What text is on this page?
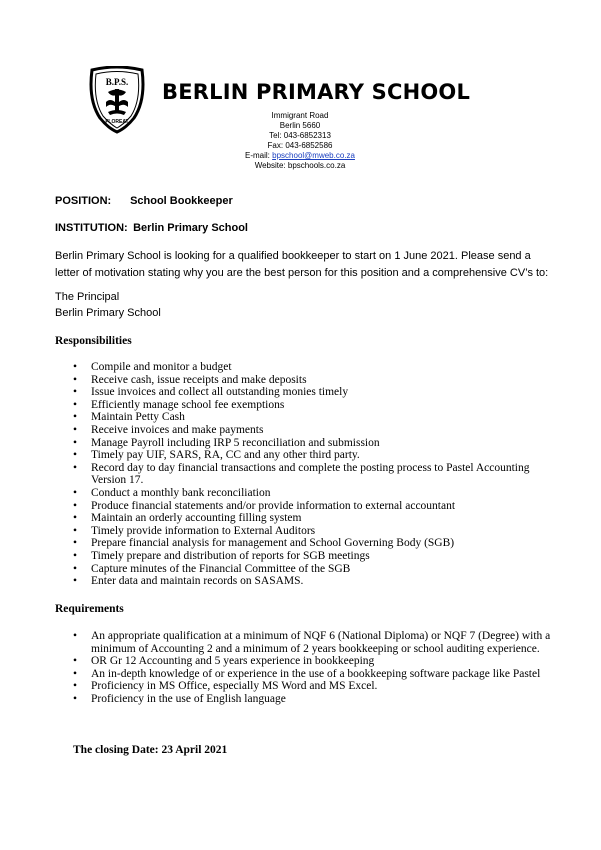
B.P.S.
FLOREAT
BERLIN PRIMARY SCHOOL
Immigrant Road
Berlin 5660
Tel: 043-6852313
Fax: 043-6852586
E-mail: bpschool@mweb.co.za
Website: bpschools.co.za
POSITION: School Bookkeeper
INSTITUTION: Berlin Primary School
Berlin Primary School is looking for a qualified bookkeeper to start on 1 June 2021. Please send a letter of motivation stating why you are the best person for this position and a comprehensive CV’s to:
The Principal
Berlin Primary School
Responsibilities
• Compile and monitor a budget
• Receive cash, issue receipts and make deposits
• Issue invoices and collect all outstanding monies timely
• Efficiently manage school fee exemptions
• Maintain Petty Cash
• Receive invoices and make payments
• Manage Payroll including IRP 5 reconciliation and submission
• Timely pay UIF, SARS, RA, CC and any other third party.
• Record day to day financial transactions and complete the posting process to Pastel Accounting Version 17.
• Conduct a monthly bank reconciliation
• Produce financial statements and/or provide information to external accountant
• Maintain an orderly accounting filling system
• Timely provide information to External Auditors
• Prepare financial analysis for management and School Governing Body (SGB)
• Timely prepare and distribution of reports for SGB meetings
• Capture minutes of the Financial Committee of the SGB
• Enter data and maintain records on SASAMS.
Requirements
• An appropriate qualification at a minimum of NQF 6 (National Diploma) or NQF 7 (Degree) with a minimum of Accounting 2 and a minimum of 2 years bookkeeping or school auditing experience.
• OR Gr 12 Accounting and 5 years experience in bookkeeping
• An in-depth knowledge of or experience in the use of a bookkeeping software package like Pastel
• Proficiency in MS Office, especially MS Word and MS Excel.
• Proficiency in the use of English language
The closing Date: 23 April 2021
